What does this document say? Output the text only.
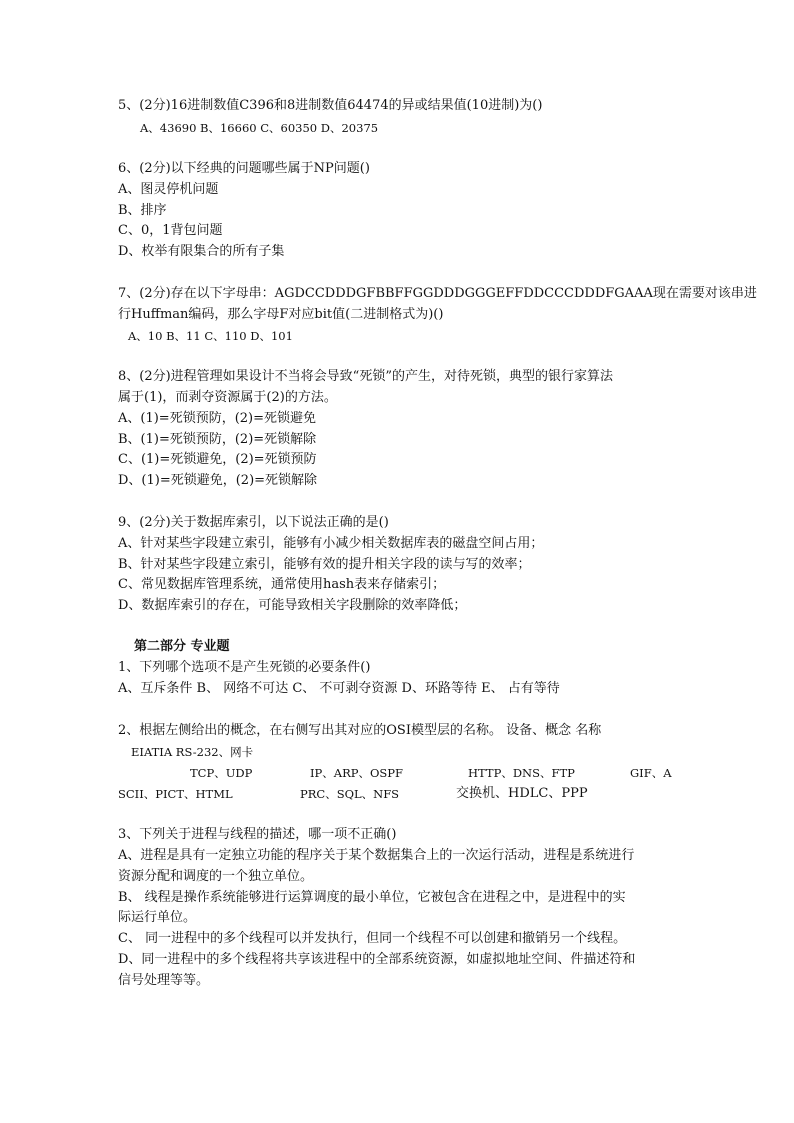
5、(2分)16进制数值C396和8进制数值64474的异或结果值(10进制)为()
A、43690 B、16660 C、60350 D、20375
6、(2分)以下经典的问题哪些属于NP问题()
A、图灵停机问题
B、排序
C、0，1背包问题
D、枚举有限集合的所有子集
7、(2分)存在以下字母串：AGDCCDDDGFBBFFGGDDDGGGEFFDDCCCDDDFGAAA现在需要对该串进
行Huffman编码，那么字母F对应bit值(二进制格式为)()
A、10 B、11 C、110 D、101
8、(2分)进程管理如果设计不当将会导致“死锁”的产生，对待死锁，典型的银行家算法
属于(1)，而剥夺资源属于(2)的方法。
A、(1)=死锁预防，(2)=死锁避免
B、(1)=死锁预防，(2)=死锁解除
C、(1)=死锁避免，(2)=死锁预防
D、(1)=死锁避免，(2)=死锁解除
9、(2分)关于数据库索引，以下说法正确的是()
A、针对某些字段建立索引，能够有小减少相关数据库表的磁盘空间占用；
B、针对某些字段建立索引，能够有效的提升相关字段的读与写的效率；
C、常见数据库管理系统，通常使用hash表来存储索引；
D、数据库索引的存在，可能导致相关字段删除的效率降低；
第二部分 专业题
1、下列哪个选项不是产生死锁的必要条件()
A、互斥条件 B、 网络不可达 C、 不可剥夺资源 D、环路等待 E、 占有等待
2、根据左侧给出的概念，在右侧写出其对应的OSI模型层的名称。 设备、概念 名称
EIATIA RS-232、网卡
TCP、UDP	IP、ARP、OSPF	HTTP、DNS、FTP	GIF、A
SCII、PICT、HTML	PRC、SQL、NFS	交换机、HDLC、PPP
3、下列关于进程与线程的描述，哪一项不正确()
A、进程是具有一定独立功能的程序关于某个数据集合上的一次运行活动，进程是系统进行
资源分配和调度的一个独立单位。
B、 线程是操作系统能够进行运算调度的最小单位，它被包含在进程之中，是进程中的实
际运行单位。
C、 同一进程中的多个线程可以并发执行，但同一个线程不可以创建和撤销另一个线程。
D、同一进程中的多个线程将共享该进程中的全部系统资源，如虚拟地址空间、件描述符和
信号处理等等。
